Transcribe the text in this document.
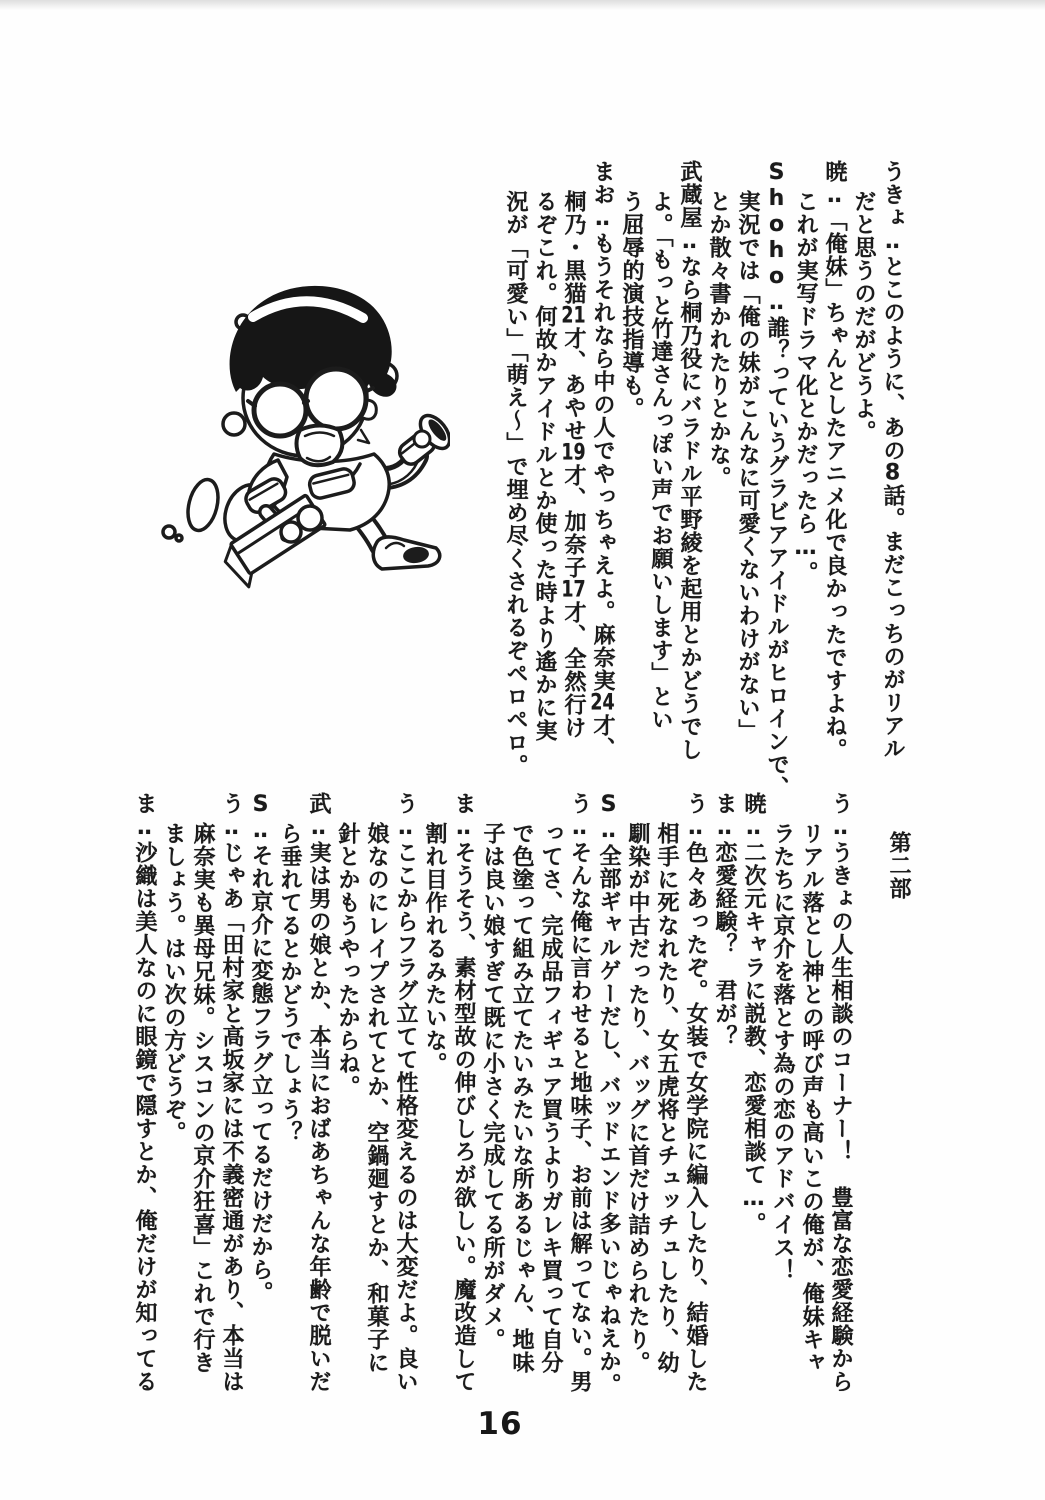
うきょ‥とこのように、あの8話。まだこっちのがリアル
だと思うのだがどうよ。
暁‥「俺妹」ちゃんとしたアニメ化で良かったですよね。
これが実写ドラマ化とかだったら…。
Shoho‥誰？っていうグラビアアイドルがヒロインで、
実況では「俺の妹がこんなに可愛くないわけがない」
とか散々書かれたりとかな。
武蔵屋‥なら桐乃役にバラドル平野綾を起用とかどうでし
よ。「もっと竹達さんっぽい声でお願いします」とい
う屈辱的演技指導も。
まお‥もうそれなら中の人でやっちゃえよ。麻奈実24才、
桐乃・黒猫21才、あやせ19才、加奈子17才、全然行け
るぞこれ。何故かアイドルとか使った時より遙かに実
況が「可愛い」「萌え〜」で埋め尽くされるぞペロペロ。
第二部

う‥うきょの人生相談のコーナー！　豊富な恋愛経験から
リアル落とし神との呼び声も高いこの俺が、俺妹キャ
ラたちに京介を落とす為の恋のアドバイス！
暁‥二次元キャラに説教、恋愛相談て…。
ま‥恋愛経験？　君が？
う‥色々あったぞ。女装で女学院に編入したり、結婚した
相手に死なれたり、女五虎将とチュッチュしたり、幼
馴染が中古だったり、バッグに首だけ詰められたり。
S‥全部ギャルゲーだし、バッドエンド多いじゃねえか。
う‥そんな俺に言わせると地味子、お前は解ってない。男
ってさ、完成品フィギュア買うよりガレキ買って自分
で色塗って組み立てたいみたいな所あるじゃん、地味
子は良い娘すぎて既に小さく完成してる所がダメ。
ま‥そうそう、素材型故の伸びしろが欲しい。魔改造して
割れ目作れるみたいな。
う‥ここからフラグ立てて性格変えるのは大変だよ。良い
娘なのにレイプされてとか、空鍋廻すとか、和菓子に
針とかもうやったからね。
武‥実は男の娘とか、本当におばあちゃんな年齢で脱いだ
ら垂れてるとかどうでしょう？
S‥それ京介に変態フラグ立ってるだけだから。
う‥じゃあ「田村家と高坂家には不義密通があり、本当は
麻奈実も異母兄妹。シスコンの京介狂喜」これで行き
ましょう。はい次の方どうぞ。
ま‥沙織は美人なのに眼鏡で隠すとか、俺だけが知ってる
16
